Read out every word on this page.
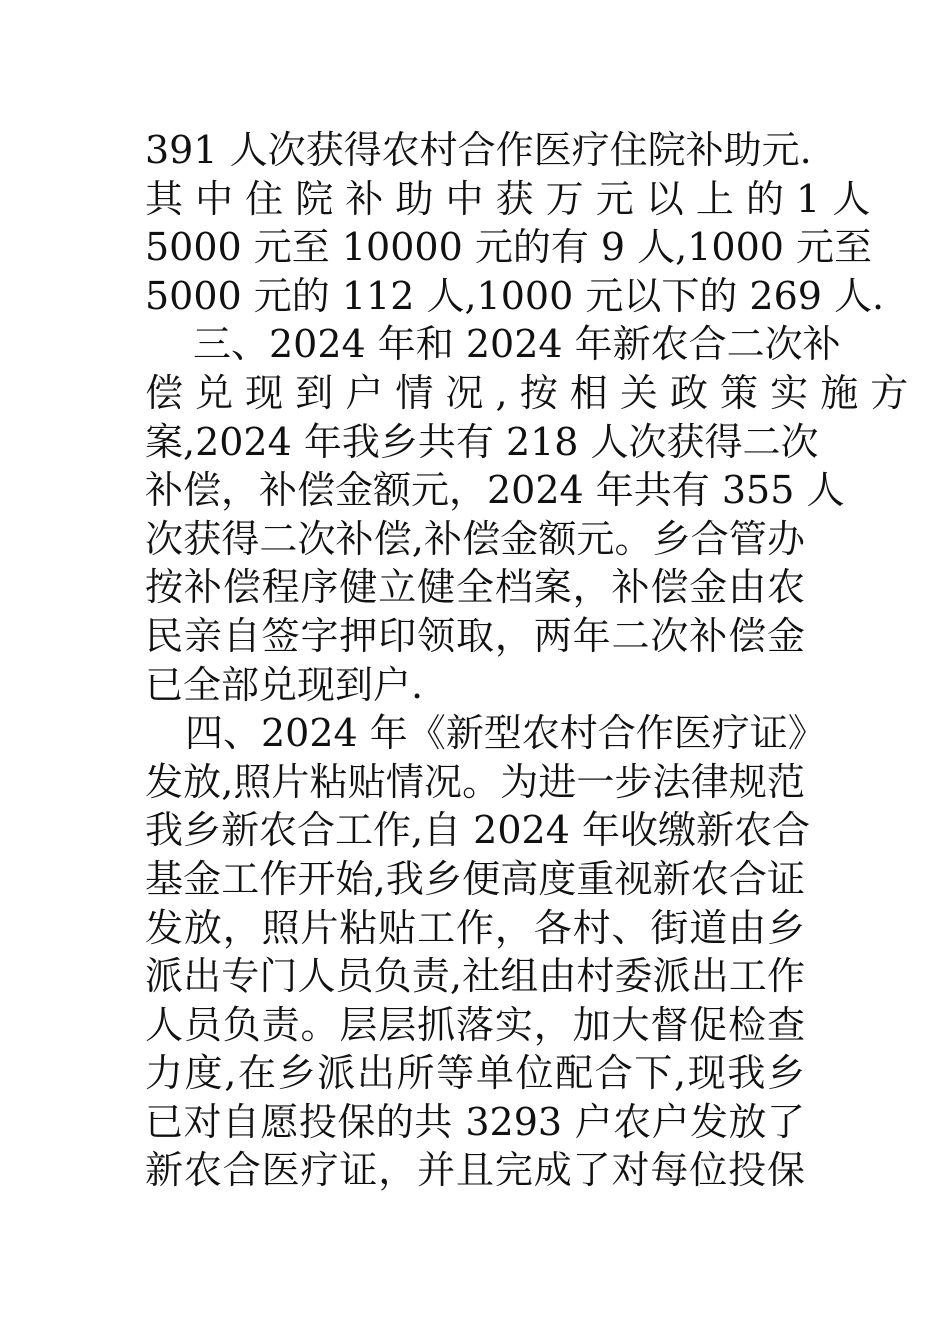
391 人次获得农村合作医疗住院补助元.
其 中 住 院 补 助 中 获 万 元 以 上 的 1 人
5000 元至 10000 元的有 9 人,1000 元至
5000 元的 112 人,1000 元以下的 269 人.
三、2024 年和 2024 年新农合二次补
偿 兑 现 到 户 情 况 , 按 相 关 政 策 实 施 方
案,2024 年我乡共有 218 人次获得二次
补偿，补偿金额元，2024 年共有 355 人
次获得二次补偿,补偿金额元。乡合管办
按补偿程序健立健全档案，补偿金由农
民亲自签字押印领取，两年二次补偿金
已全部兑现到户.
四、2024 年《新型农村合作医疗证》
发放,照片粘贴情况。为进一步法律规范
我乡新农合工作,自 2024 年收缴新农合
基金工作开始,我乡便高度重视新农合证
发放，照片粘贴工作，各村、街道由乡
派出专门人员负责,社组由村委派出工作
人员负责。层层抓落实，加大督促检查
力度,在乡派出所等单位配合下,现我乡
已对自愿投保的共 3293 户农户发放了
新农合医疗证，并且完成了对每位投保
